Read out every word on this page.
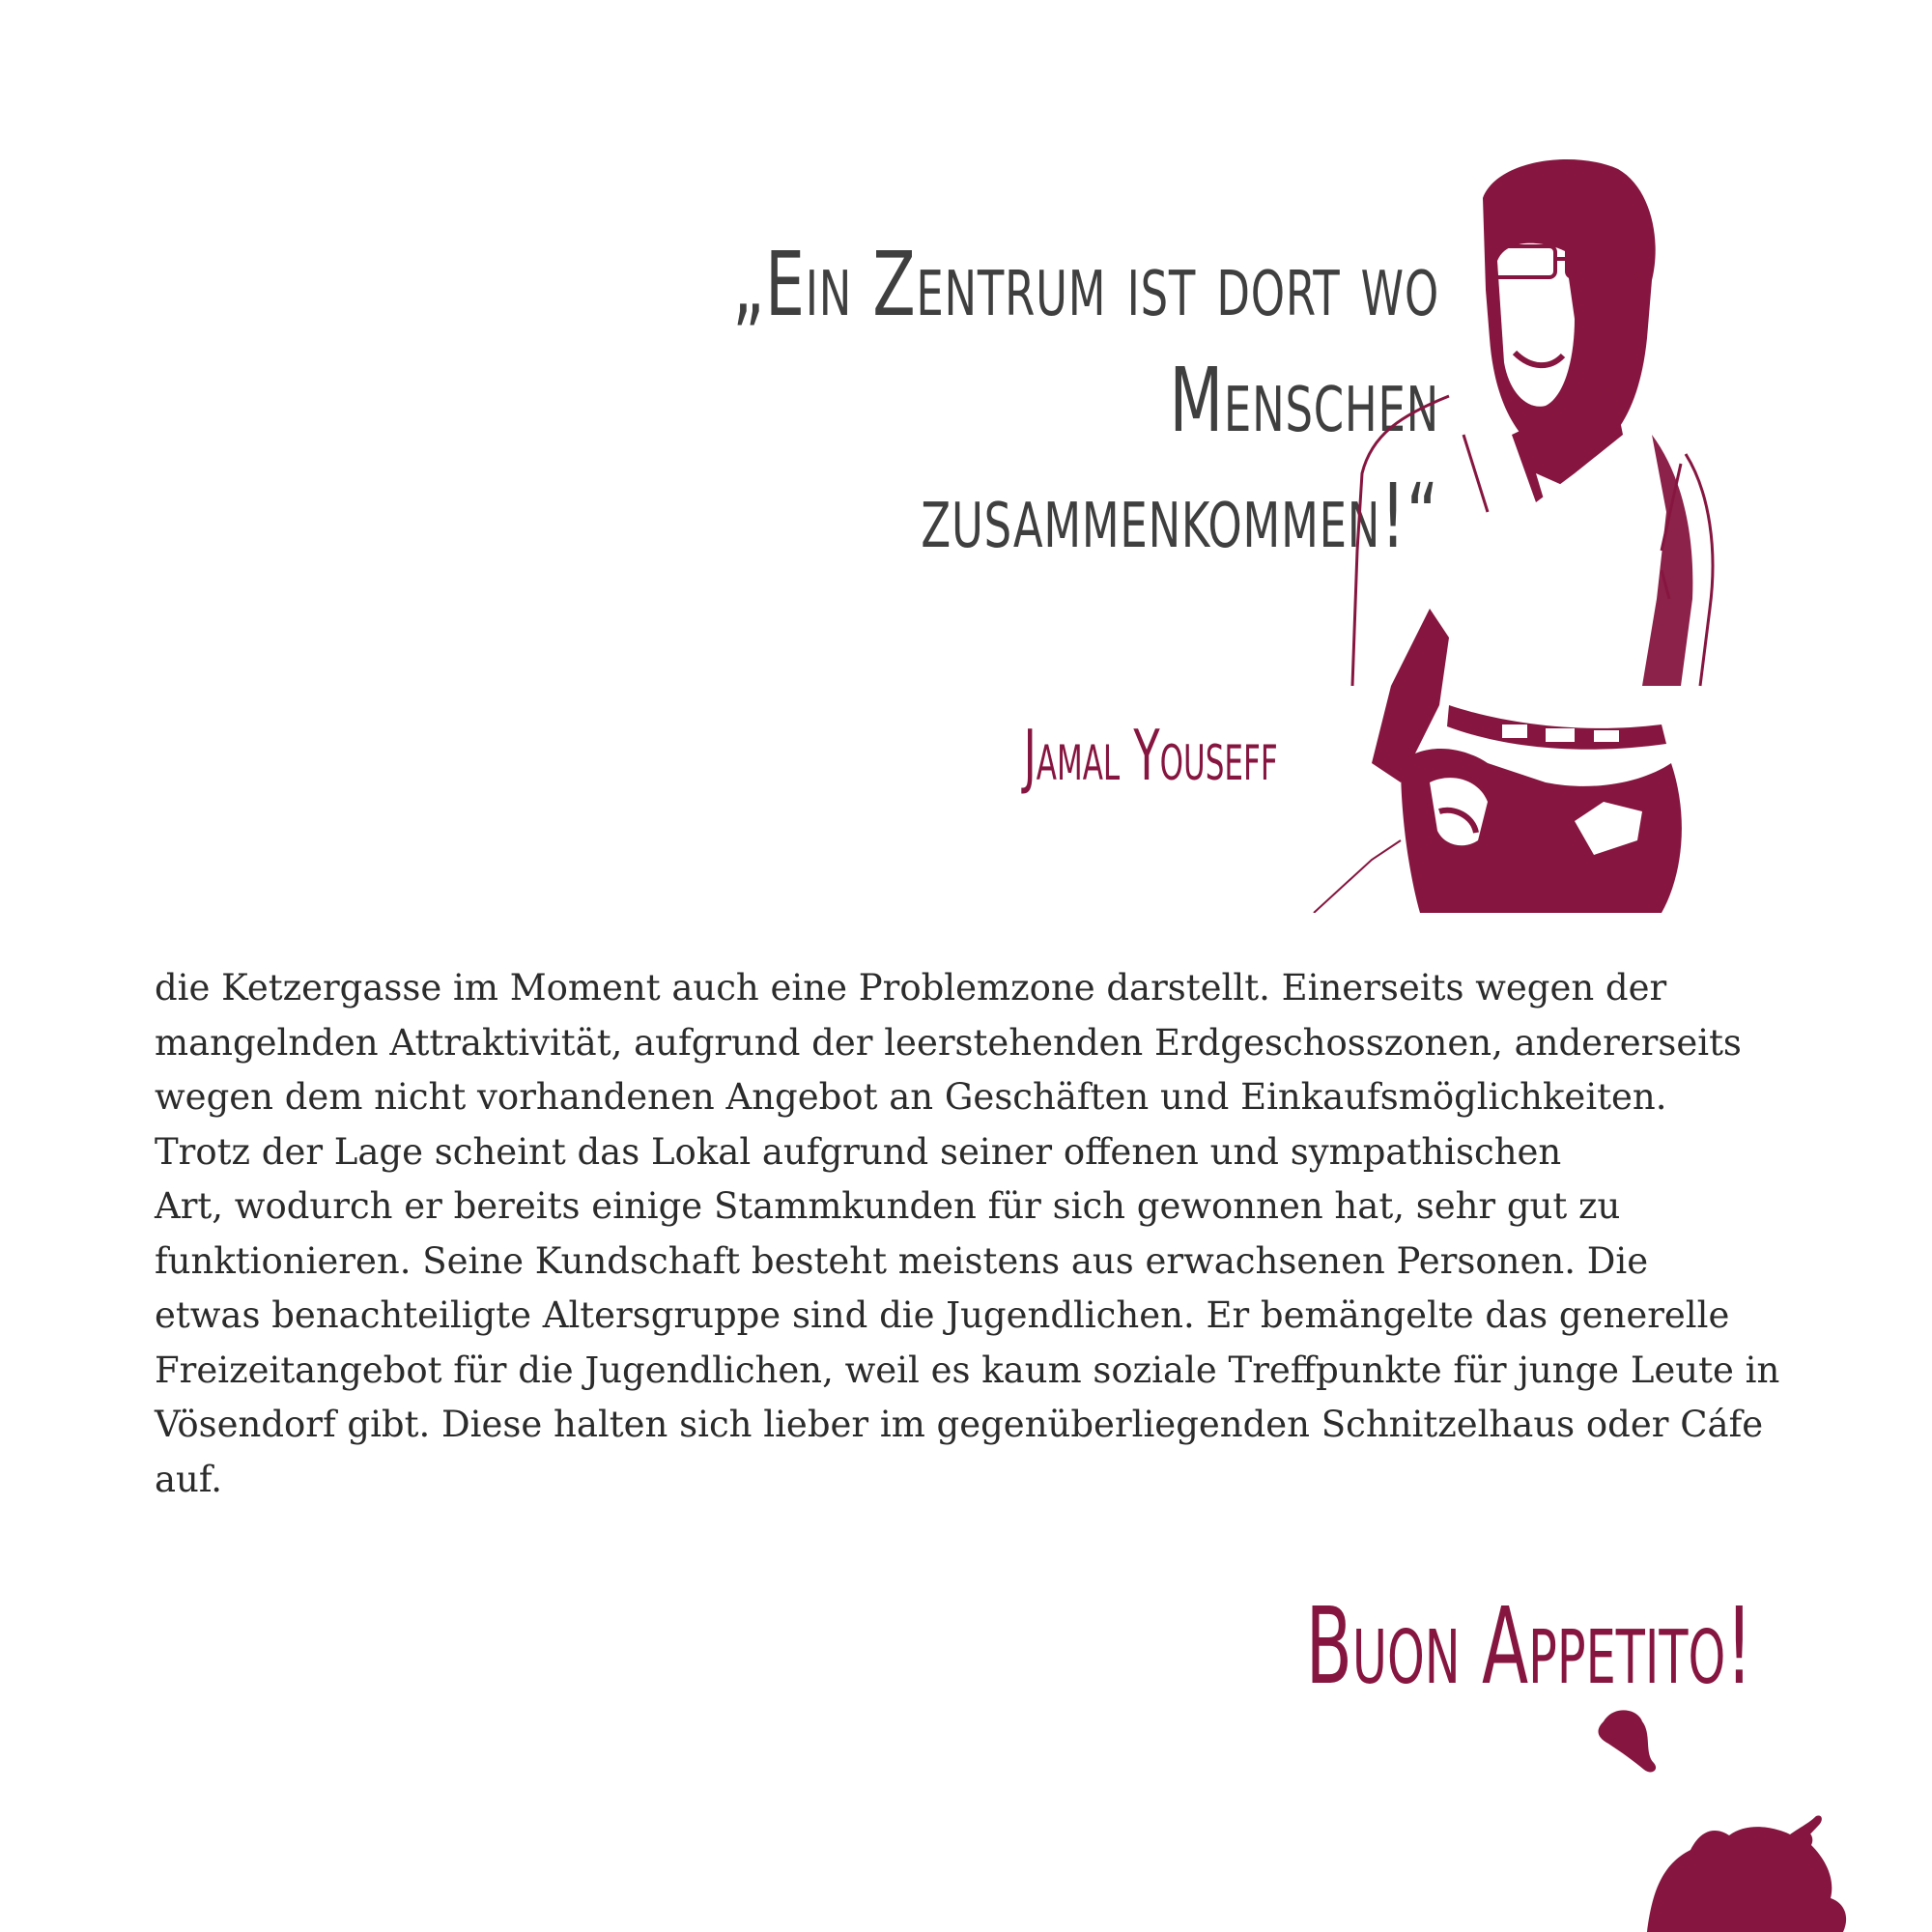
„Ein Zentrum ist dort wo Menschen
zusammenkommen!“
Jamal Youseff
die Ketzergasse im Moment auch eine Problemzone darstellt. Einerseits wegen der
mangelnden Attraktivität, aufgrund der leerstehenden Erdgeschosszonen, andererseits
wegen dem nicht vorhandenen Angebot an Geschäften und Einkaufsmöglichkeiten.
Trotz der Lage scheint das Lokal aufgrund seiner offenen und sympathischen
Art, wodurch er bereits einige Stammkunden für sich gewonnen hat, sehr gut zu
funktionieren. Seine Kundschaft besteht meistens aus erwachsenen Personen. Die
etwas benachteiligte Altersgruppe sind die Jugendlichen. Er bemängelte das generelle
Freizeitangebot für die Jugendlichen, weil es kaum soziale Treffpunkte für junge Leute in
Vösendorf gibt. Diese halten sich lieber im gegenüberliegenden Schnitzelhaus oder Cáfe
auf.
Buon Appetito!
